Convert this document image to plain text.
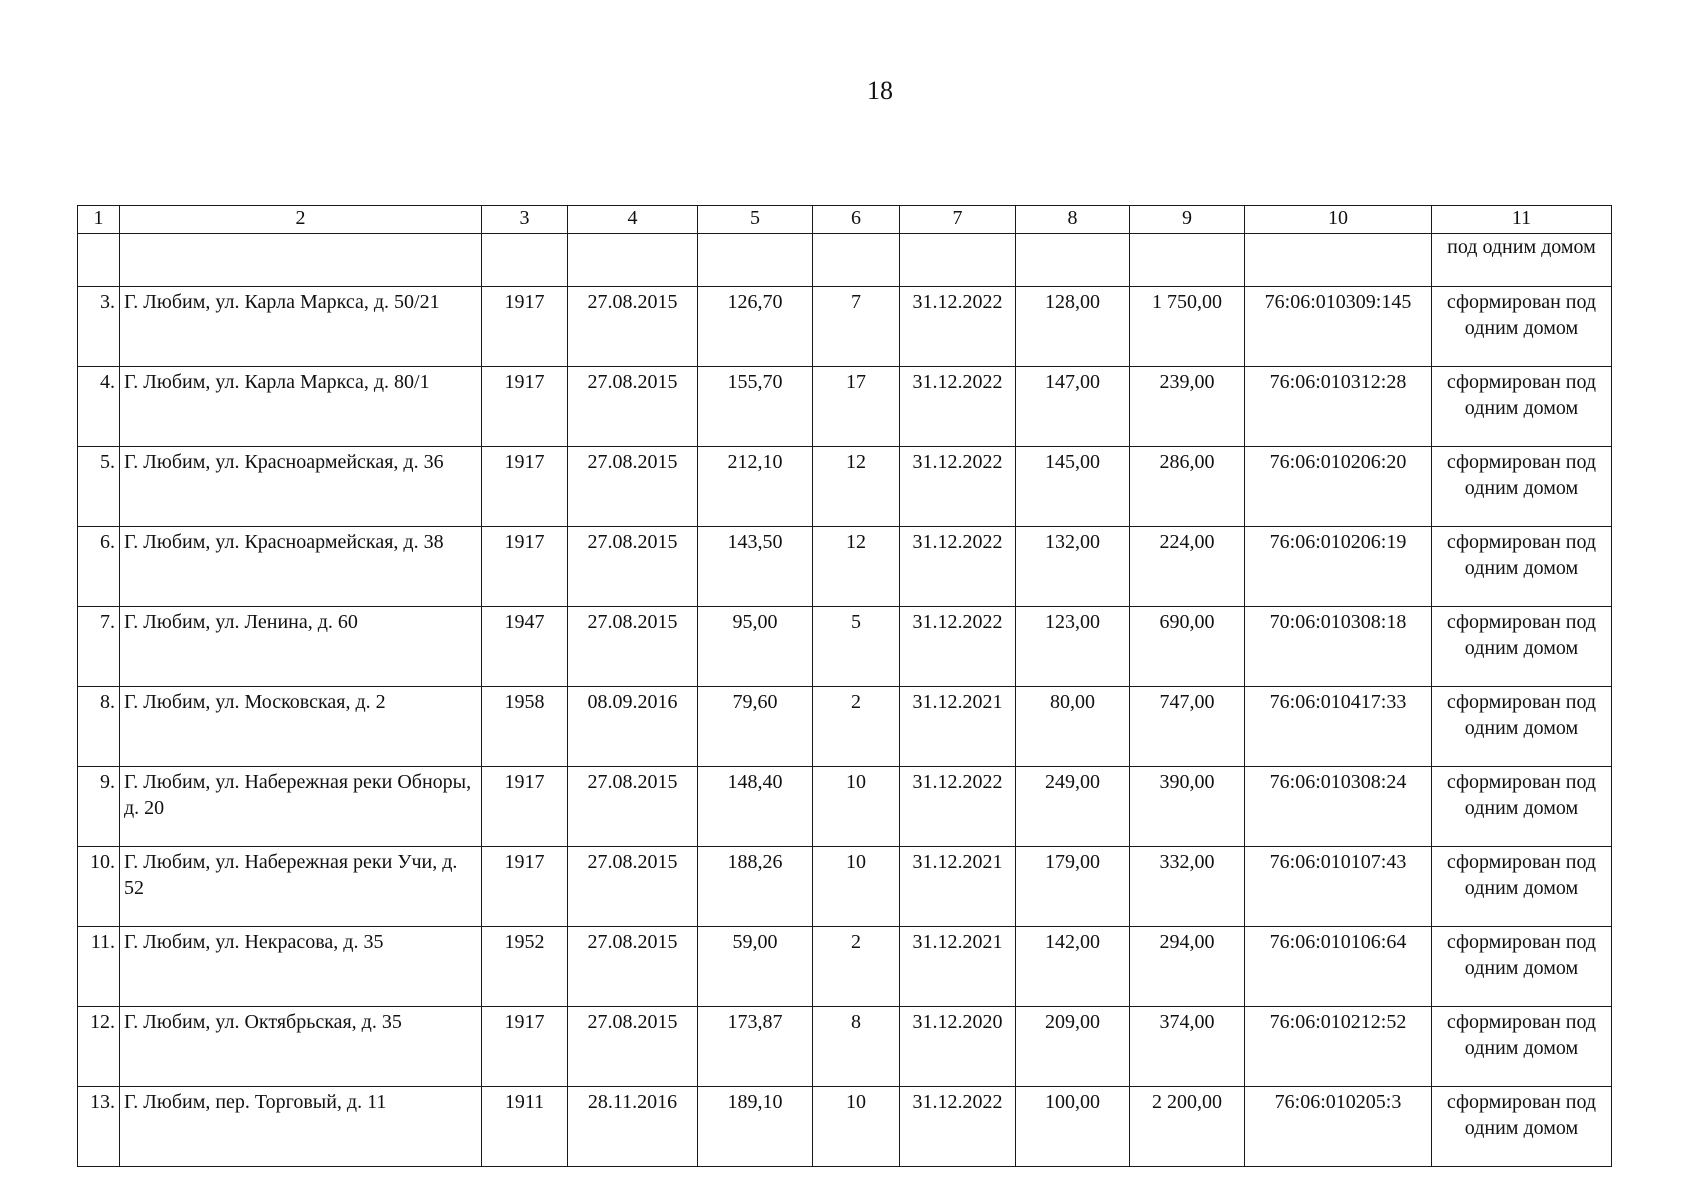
18
1	2	3	4	5	6	7	8	9	10	11
										под одним домом
3.	Г. Любим, ул. Карла Маркса, д. 50/21	1917	27.08.2015	126,70	7	31.12.2022	128,00	1 750,00	76:06:010309:145	сформирован под одним домом
4.	Г. Любим, ул. Карла Маркса, д. 80/1	1917	27.08.2015	155,70	17	31.12.2022	147,00	239,00	76:06:010312:28	сформирован под одним домом
5.	Г. Любим, ул. Красноармейская, д. 36	1917	27.08.2015	212,10	12	31.12.2022	145,00	286,00	76:06:010206:20	сформирован под одним домом
6.	Г. Любим, ул. Красноармейская, д. 38	1917	27.08.2015	143,50	12	31.12.2022	132,00	224,00	76:06:010206:19	сформирован под одним домом
7.	Г. Любим, ул. Ленина, д. 60	1947	27.08.2015	95,00	5	31.12.2022	123,00	690,00	70:06:010308:18	сформирован под одним домом
8.	Г. Любим, ул. Московская, д. 2	1958	08.09.2016	79,60	2	31.12.2021	80,00	747,00	76:06:010417:33	сформирован под одним домом
9.	Г. Любим, ул. Набережная реки Обноры, д. 20	1917	27.08.2015	148,40	10	31.12.2022	249,00	390,00	76:06:010308:24	сформирован под одним домом
10.	Г. Любим, ул. Набережная реки Учи, д. 52	1917	27.08.2015	188,26	10	31.12.2021	179,00	332,00	76:06:010107:43	сформирован под одним домом
11.	Г. Любим, ул. Некрасова, д. 35	1952	27.08.2015	59,00	2	31.12.2021	142,00	294,00	76:06:010106:64	сформирован под одним домом
12.	Г. Любим, ул. Октябрьская, д. 35	1917	27.08.2015	173,87	8	31.12.2020	209,00	374,00	76:06:010212:52	сформирован под одним домом
13.	Г. Любим, пер. Торговый, д. 11	1911	28.11.2016	189,10	10	31.12.2022	100,00	2 200,00	76:06:010205:3	сформирован под одним домом
